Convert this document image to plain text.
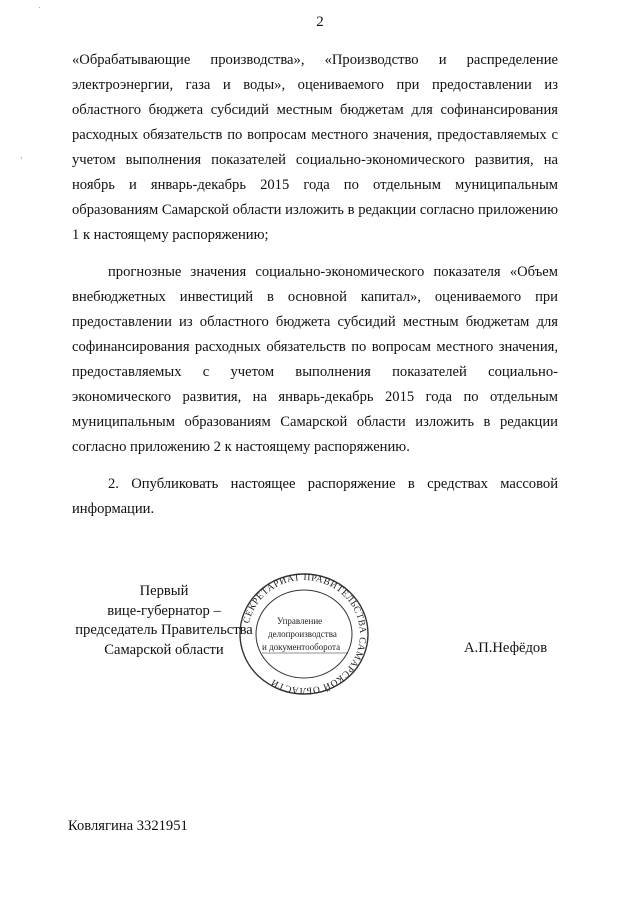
·
,
2

«Обрабатывающие производства», «Производство и распределение электроэнергии, газа и воды», оцениваемого при предоставлении из областного бюджета субсидий местным бюджетам для софинансирования расходных обязательств по вопросам местного значения, предоставляемых с учетом выполнения показателей социально-экономического развития, на ноябрь и январь-декабрь 2015 года по отдельным муниципальным образованиям Самарской области изложить в редакции согласно приложению 1 к настоящему распоряжению;

прогнозные значения социально-экономического показателя «Объем внебюджетных инвестиций в основной капитал», оцениваемого при предоставлении из областного бюджета субсидий местным бюджетам для софинансирования расходных обязательств по вопросам местного значения, предоставляемых с учетом выполнения показателей социально-экономического развития, на январь-декабрь 2015 года по отдельным муниципальным образованиям Самарской области изложить в редакции согласно приложению 2 к настоящему распоряжению.

2. Опубликовать настоящее распоряжение в средствах массовой информации.

Первый
вице-губернатор –
председатель Правительства
Самарской области
СЕКРЕТАРИАТ ПРАВИТЕЛЬСТВА САМАРСКОЙ ОБЛАСТИ
Управление
делопроизводства
и документооборота	А.П.Нефёдов
Ковлягина 3321951
